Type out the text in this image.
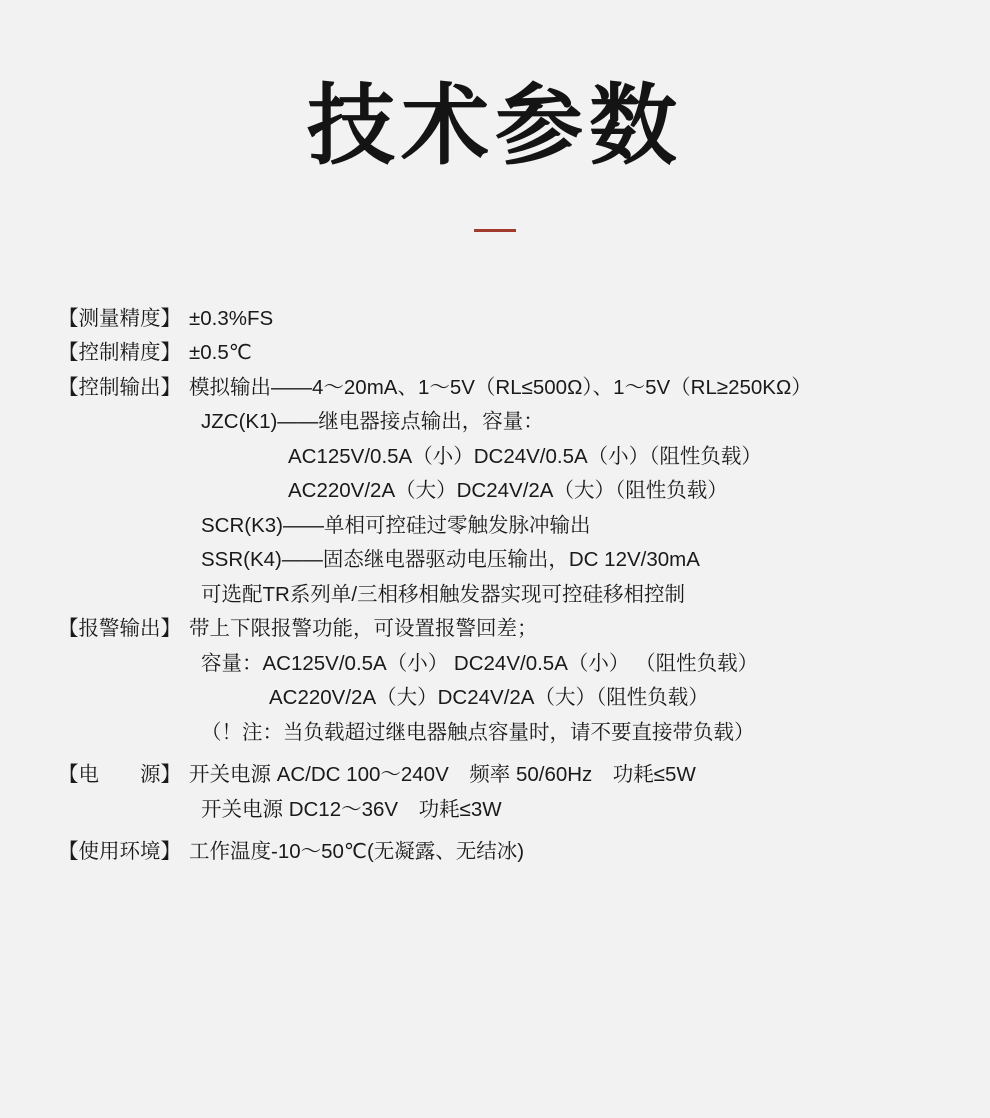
技术参数
【测量精度】 ±0.3%FS
【控制精度】 ±0.5℃
【控制输出】 模拟输出——4～20mA、1～5V（RL≤500Ω）、1～5V（RL≥250KΩ）
JZC(K1)——继电器接点输出，容量：
AC125V/0.5A（小）DC24V/0.5A（小）（阻性负载）
AC220V/2A（大）DC24V/2A（大）（阻性负载）
SCR(K3)——单相可控硅过零触发脉冲输出
SSR(K4)——固态继电器驱动电压输出，DC 12V/30mA
可选配TR系列单/三相移相触发器实现可控硅移相控制
【报警输出】 带上下限报警功能，可设置报警回差；
容量：AC125V/0.5A（小） DC24V/0.5A（小） （阻性负载）
AC220V/2A（大）DC24V/2A（大）（阻性负载）
（！注：当负载超过继电器触点容量时，请不要直接带负载）
【电　　源】 开关电源 AC/DC 100～240V　频率 50/60Hz　功耗≤5W
开关电源 DC12～36V　功耗≤3W
【使用环境】 工作温度-10～50℃(无凝露、无结冰)
